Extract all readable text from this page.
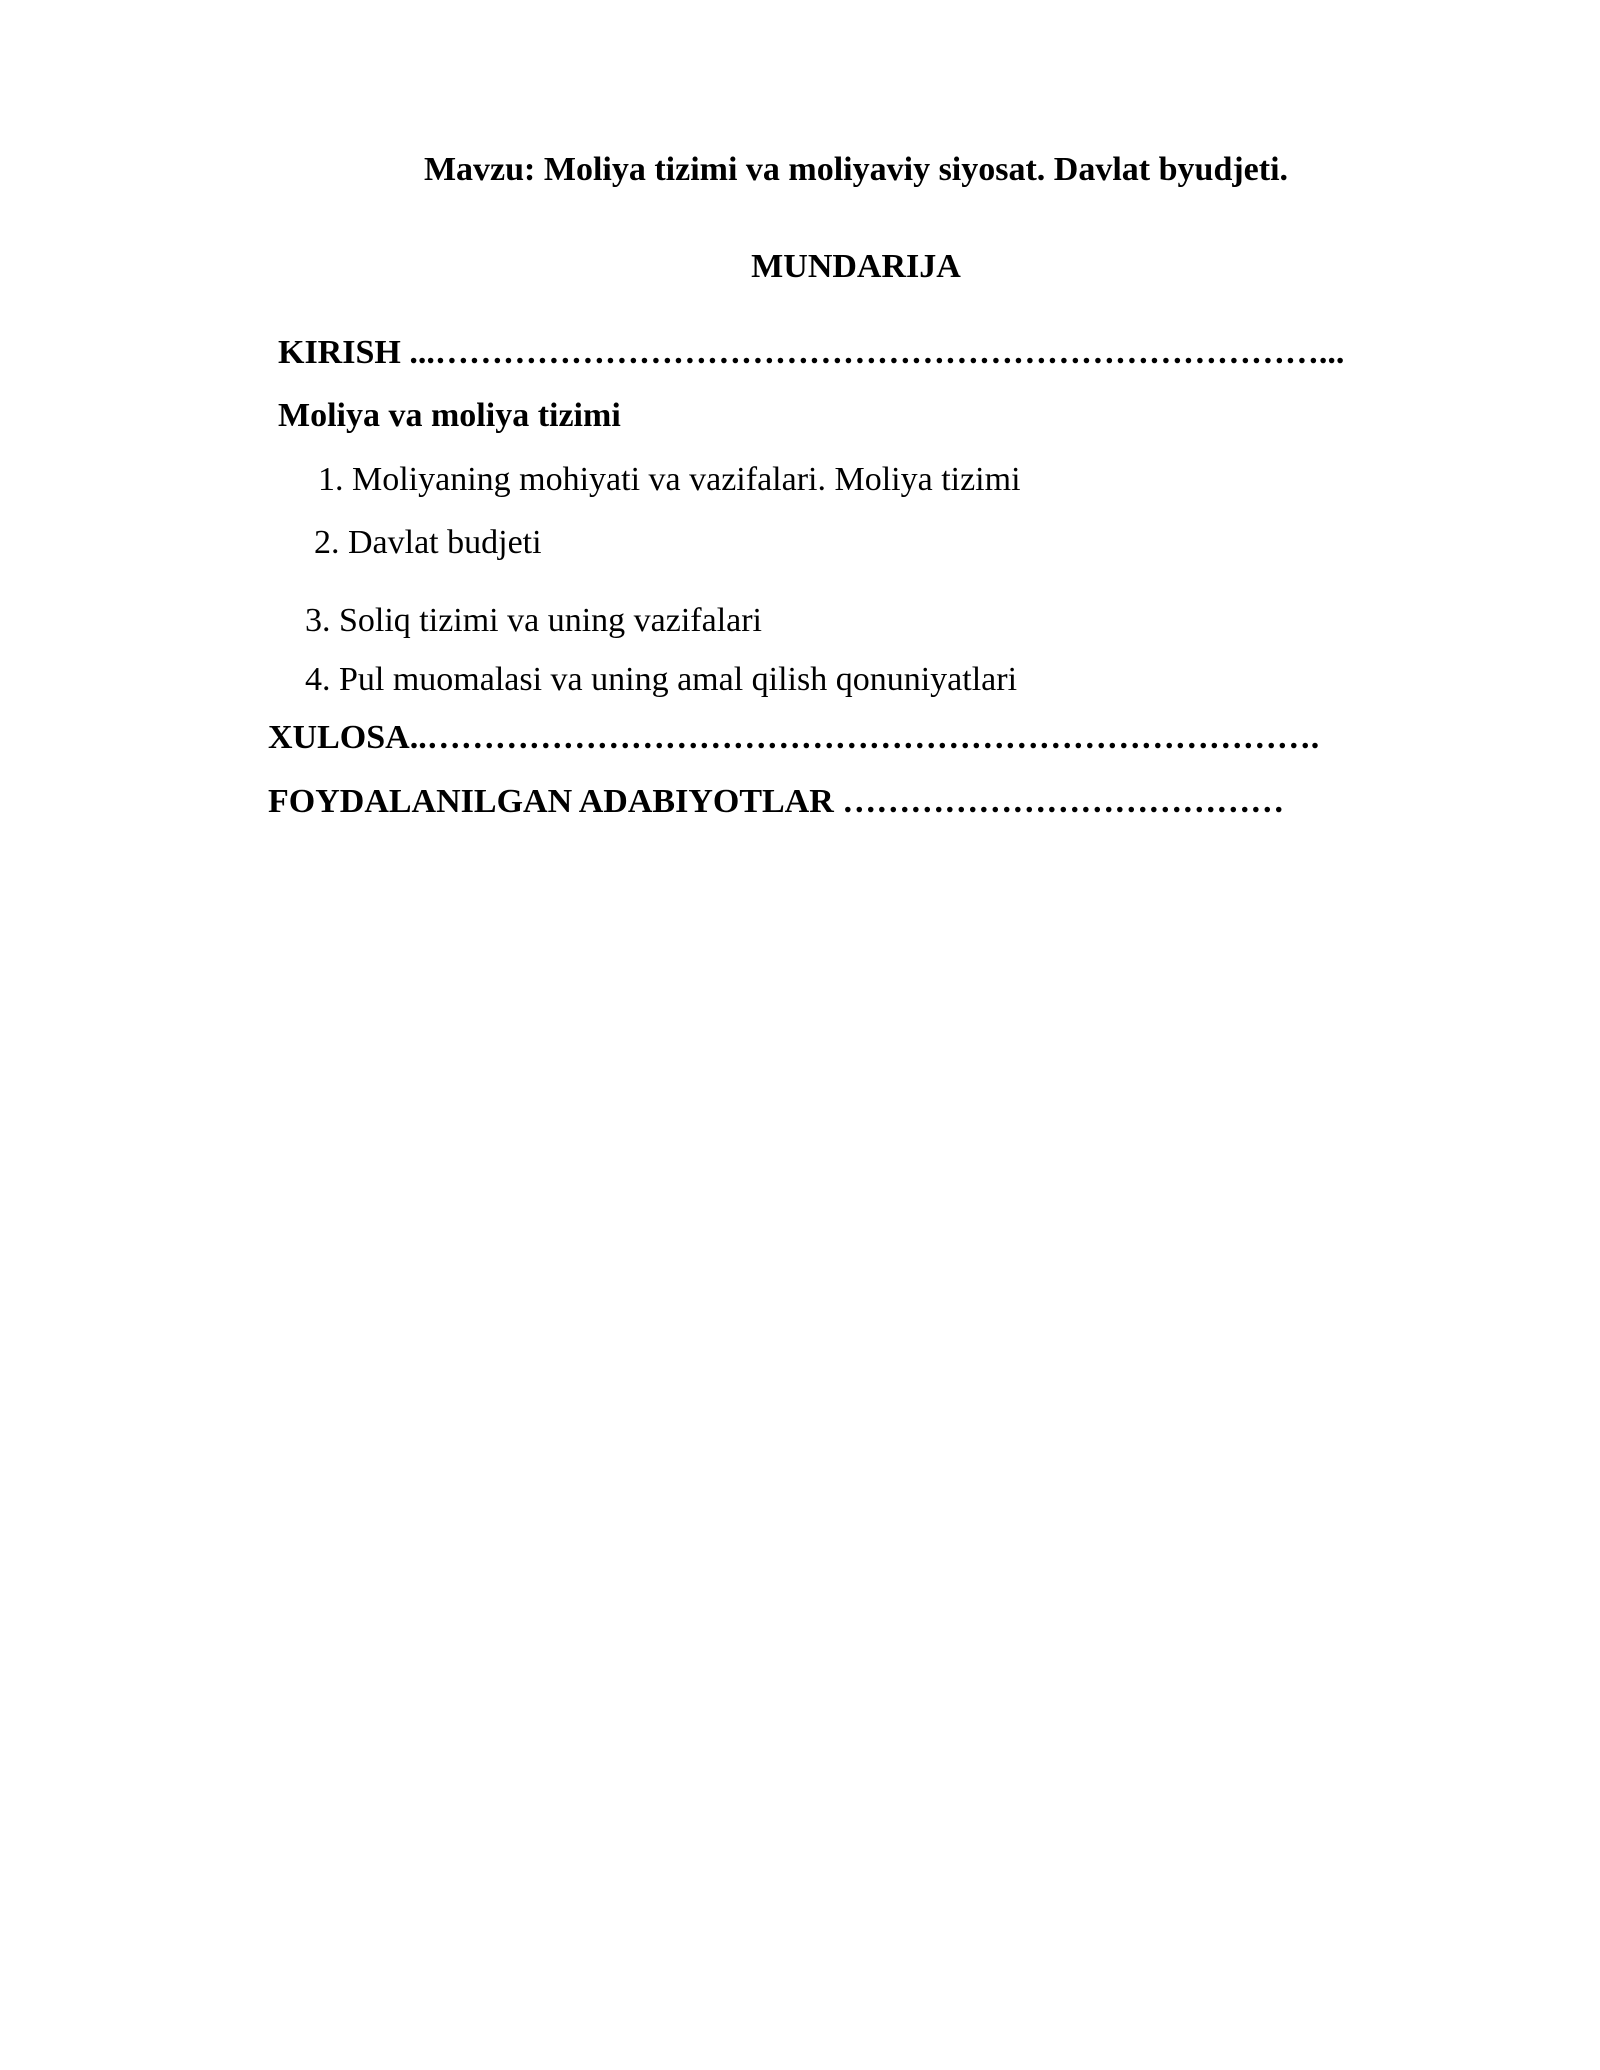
Mavzu: Moliya tizimi va moliyaviy siyosat. Davlat byudjeti.
MUNDARIJA
KIRISH ...……………………………………………………………………...
Moliya va moliya tizimi
1. Moliyaning mohiyati va vazifalari. Moliya tizimi
2. Davlat budjeti
3. Soliq tizimi va uning vazifalari
4. Pul muomalasi va uning amal qilish qonuniyatlari
XULOSA..…………………………………………………………………….
FOYDALANILGAN ADABIYOTLAR …………………………………
